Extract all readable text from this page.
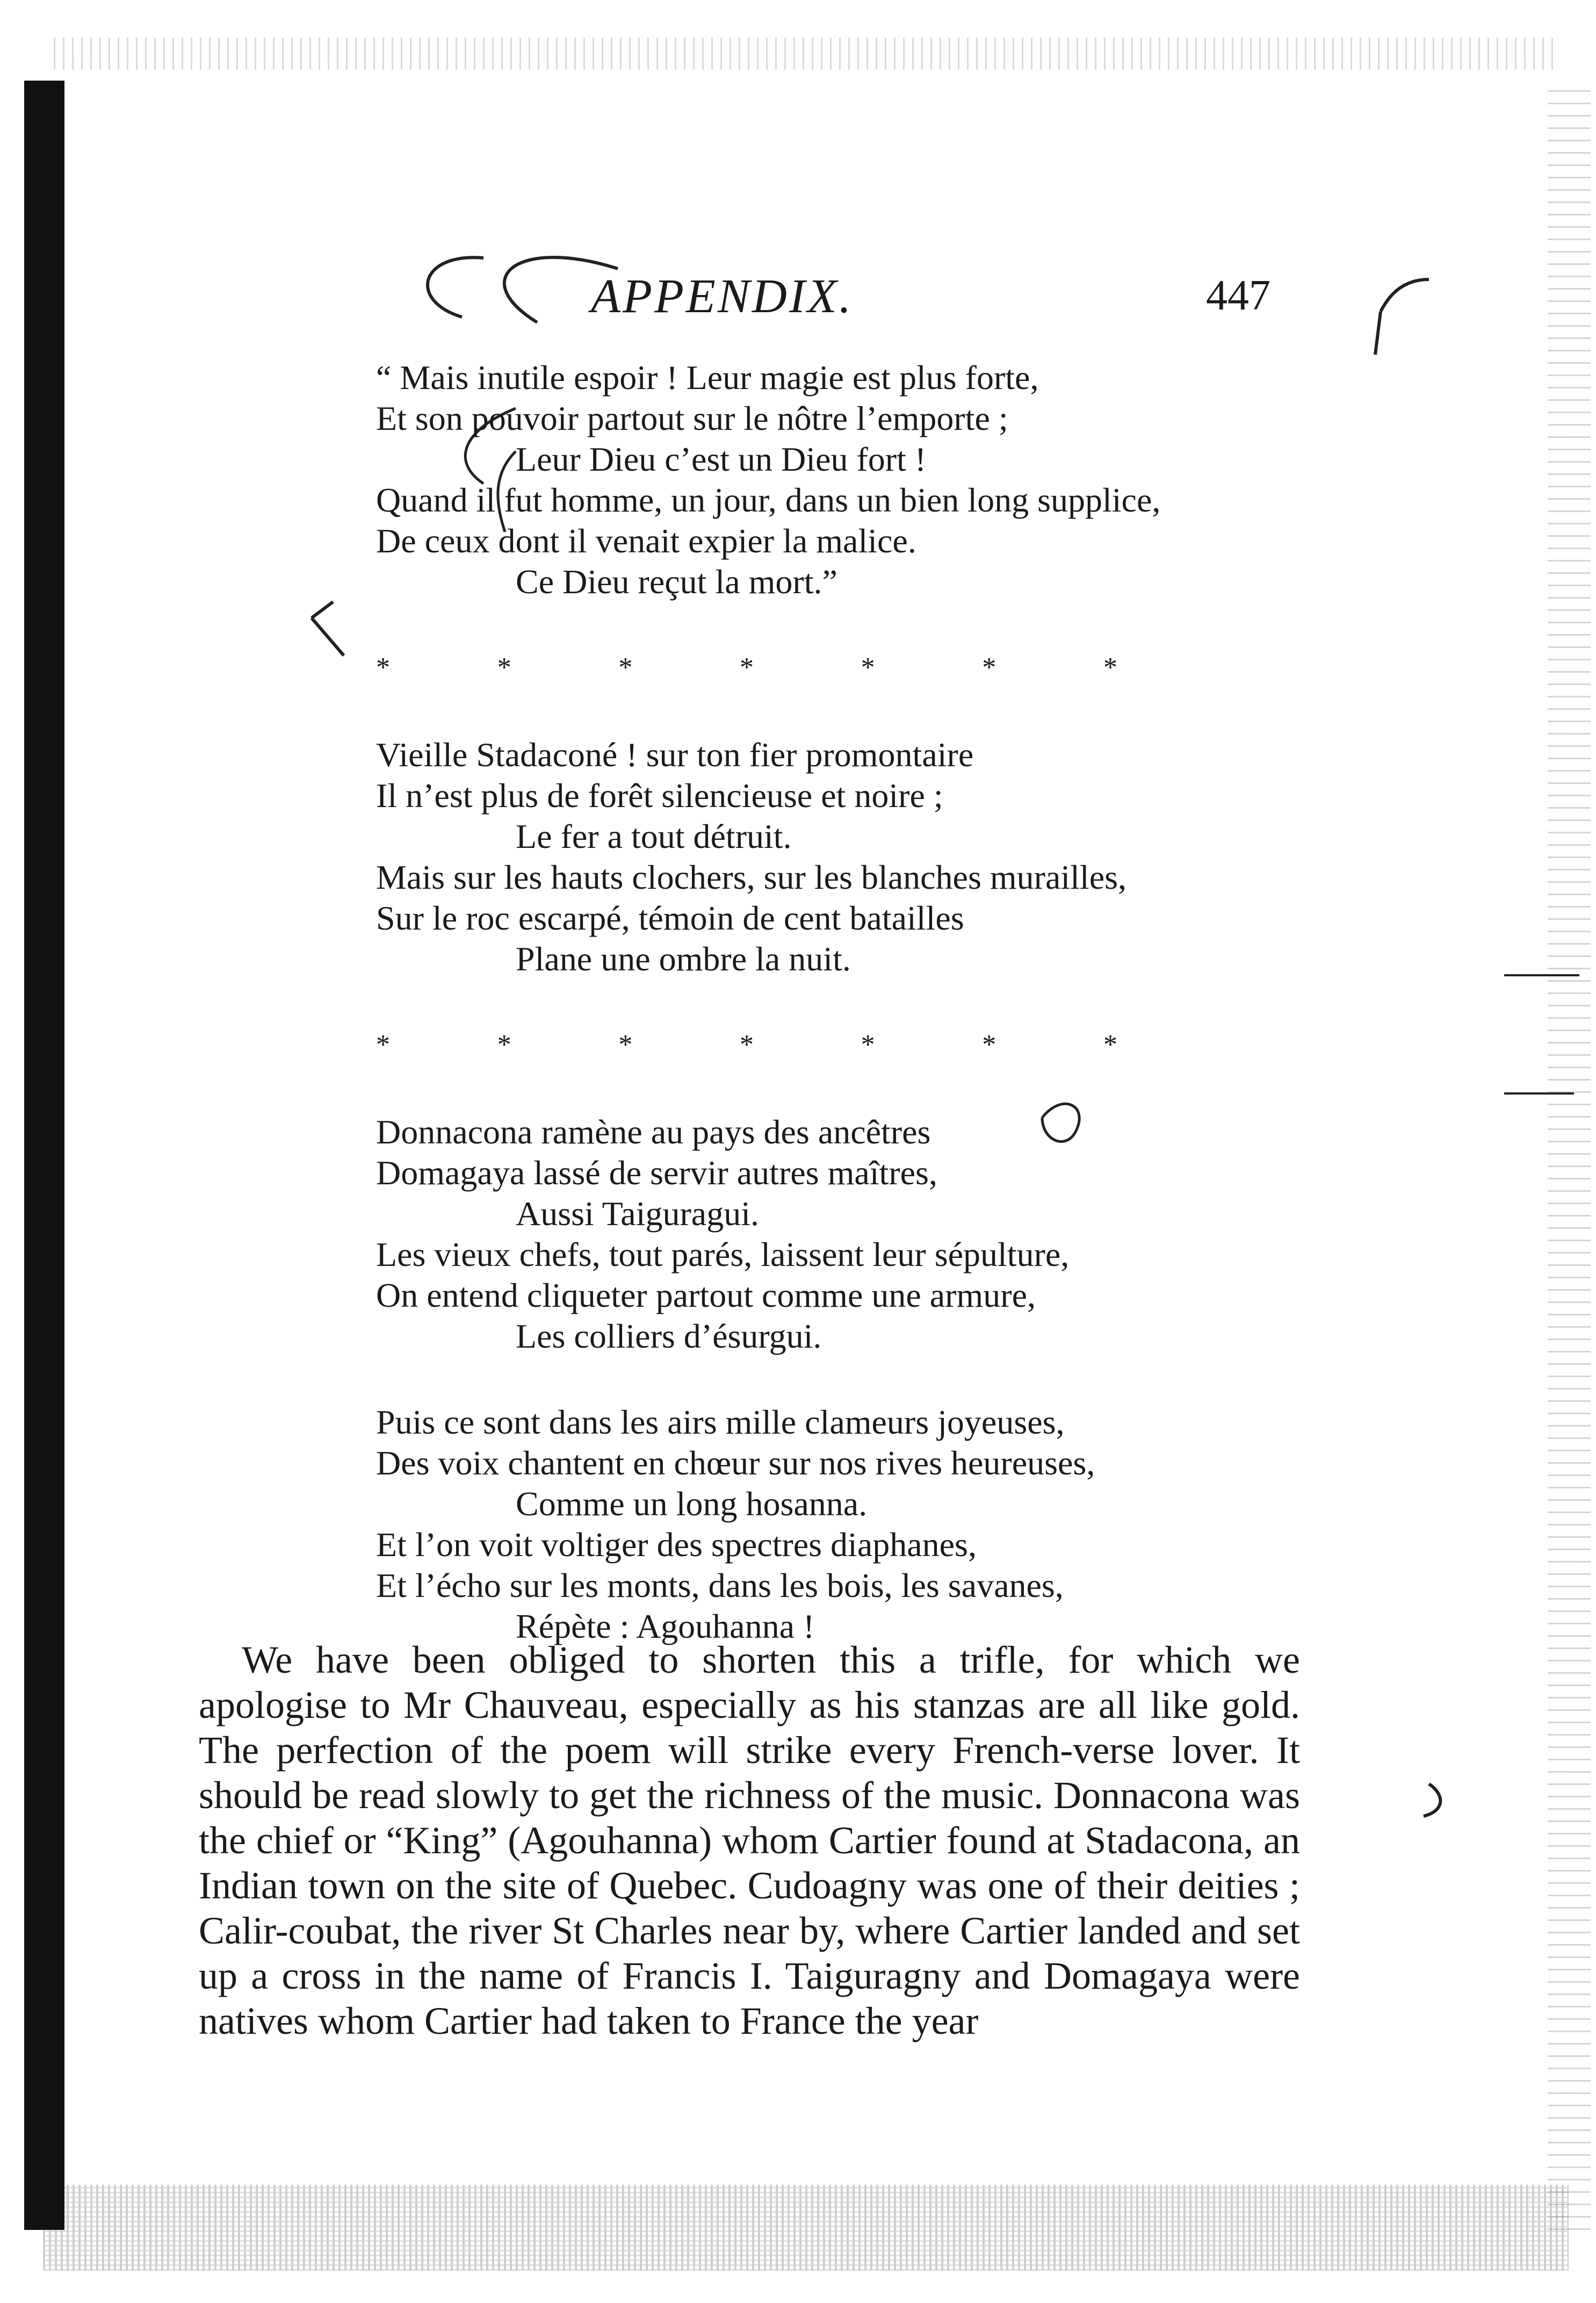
APPENDIX.	447
“ Mais inutile espoir ! Leur magie est plus forte,
Et son pouvoir partout sur le nôtre l’emporte ;
Leur Dieu c’est un Dieu fort !
Quand il fut homme, un jour, dans un bien long supplice,
De ceux dont il venait expier la malice.
Ce Dieu reçut la mort.”
*	*	*	*	*	*	*
Vieille Stadaconé ! sur ton fier promontaire
Il n’est plus de forêt silencieuse et noire ;
Le fer a tout détruit.
Mais sur les hauts clochers, sur les blanches murailles,
Sur le roc escarpé, témoin de cent batailles
Plane une ombre la nuit.
*	*	*	*	*	*	*
Donnacona ramène au pays des ancêtres
Domagaya lassé de servir autres maîtres,
Aussi Taiguragui.
Les vieux chefs, tout parés, laissent leur sépulture,
On entend cliqueter partout comme une armure,
Les colliers d’ésurgui.
Puis ce sont dans les airs mille clameurs joyeuses,
Des voix chantent en chœur sur nos rives heureuses,
Comme un long hosanna.
Et l’on voit voltiger des spectres diaphanes,
Et l’écho sur les monts, dans les bois, les savanes,
Répète : Agouhanna !

We have been obliged to shorten this a trifle, for which we apologise to Mr Chauveau, especially as his stanzas are all like gold. The perfection of the poem will strike every French-verse lover. It should be read slowly to get the richness of the music. Donnacona was the chief or “King” (Agouhanna) whom Cartier found at Stadacona, an Indian town on the site of Quebec. Cudoagny was one of their deities ; Calir-coubat, the river St Charles near by, where Cartier landed and set up a cross in the name of Francis I. Taiguragny and Domagaya were natives whom Cartier had taken to France the year
